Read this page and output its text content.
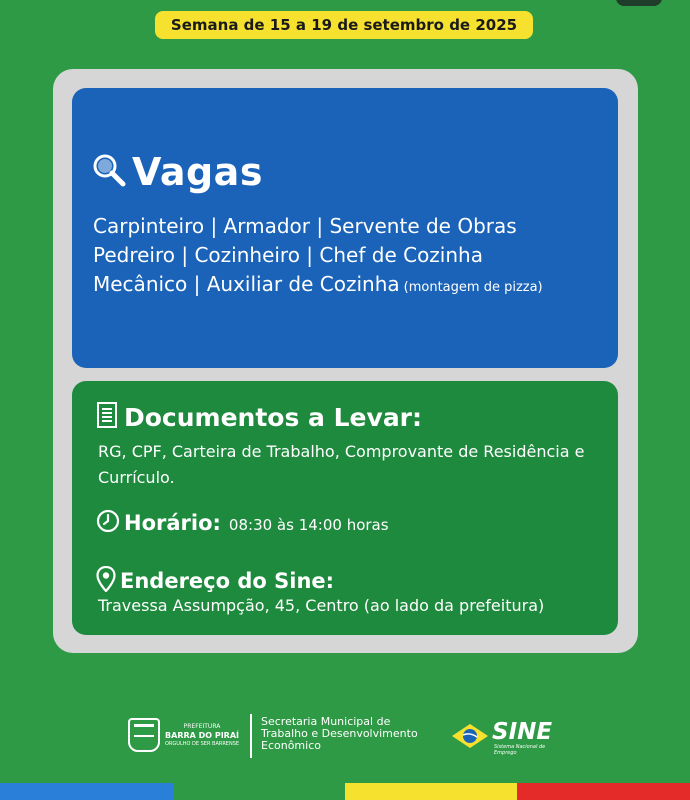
Semana de 15 a 19 de setembro de 2025
Vagas
Carpinteiro | Armador | Servente de Obras
Pedreiro | Cozinheiro | Chef de Cozinha
Mecânico | Auxiliar de Cozinha (montagem de pizza)
Documentos a Levar:
RG, CPF, Carteira de Trabalho, Comprovante de Residência e Currículo.
Horário: 08:30 às 14:00 horas
Endereço do Sine:
Travessa Assumpção, 45, Centro (ao lado da prefeitura)
PREFEITURA
BARRA DO PIRAÍ
ORGULHO DE SER BARRENSE
Secretaria Municipal de
Trabalho e Desenvolvimento
Econômico
SINE
Sistema Nacional de Emprego
